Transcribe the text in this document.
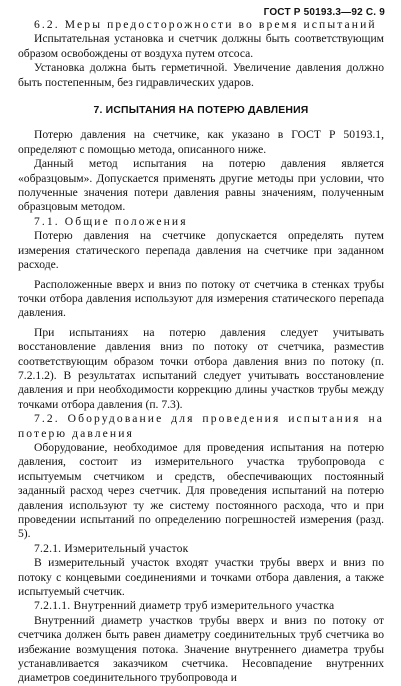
ГОСТ Р 50193.3—92 С. 9

6.2. Меры предосторожности во время испытаний

Испытательная установка и счетчик должны быть соответствующим образом освобождены от воздуха путем отсоса.

Установка должна быть герметичной. Увеличение давления должно быть постепенным, без гидравлических ударов.

7. ИСПЫТАНИЯ НА ПОТЕРЮ ДАВЛЕНИЯ

Потерю давления на счетчике, как указано в ГОСТ Р 50193.1, определяют с помощью метода, описанного ниже.

Данный метод испытания на потерю давления является «образцовым». Допускается применять другие методы при условии, что полученные значения потери давления равны значениям, полученным образцовым методом.

7.1. Общие положения

Потерю давления на счетчике допускается определять путем измерения статического перепада давления на счетчике при заданном расходе.

Расположенные вверх и вниз по потоку от счетчика в стенках трубы точки отбора давления используют для измерения статического перепада давления.

При испытаниях на потерю давления следует учитывать восстановление давления вниз по потоку от счетчика, разместив соответствующим образом точки отбора давления вниз по потоку (п. 7.2.1.2). В результатах испытаний следует учитывать восстановление давления и при необходимости коррекцию длины участков трубы между точками отбора давления (п. 7.3).

7.2. Оборудование для проведения испытания на потерю давления

Оборудование, необходимое для проведения испытания на потерю давления, состоит из измерительного участка трубопровода с испытуемым счетчиком и средств, обеспечивающих постоянный заданный расход через счетчик. Для проведения испытаний на потерю давления используют ту же систему постоянного расхода, что и при проведении испытаний по определению погрешностей измерения (разд. 5).

7.2.1. Измерительный участок

В измерительный участок входят участки трубы вверх и вниз по потоку с концевыми соединениями и точками отбора давления, а также испытуемый счетчик.

7.2.1.1. Внутренний диаметр труб измерительного участка

Внутренний диаметр участков трубы вверх и вниз по потоку от счетчика должен быть равен диаметру соединительных труб счетчика во избежание возмущения потока. Значение внутреннего диаметра трубы устанавливается заказчиком счетчика. Несовпадение внутренних диаметров соединительного трубопровода и
